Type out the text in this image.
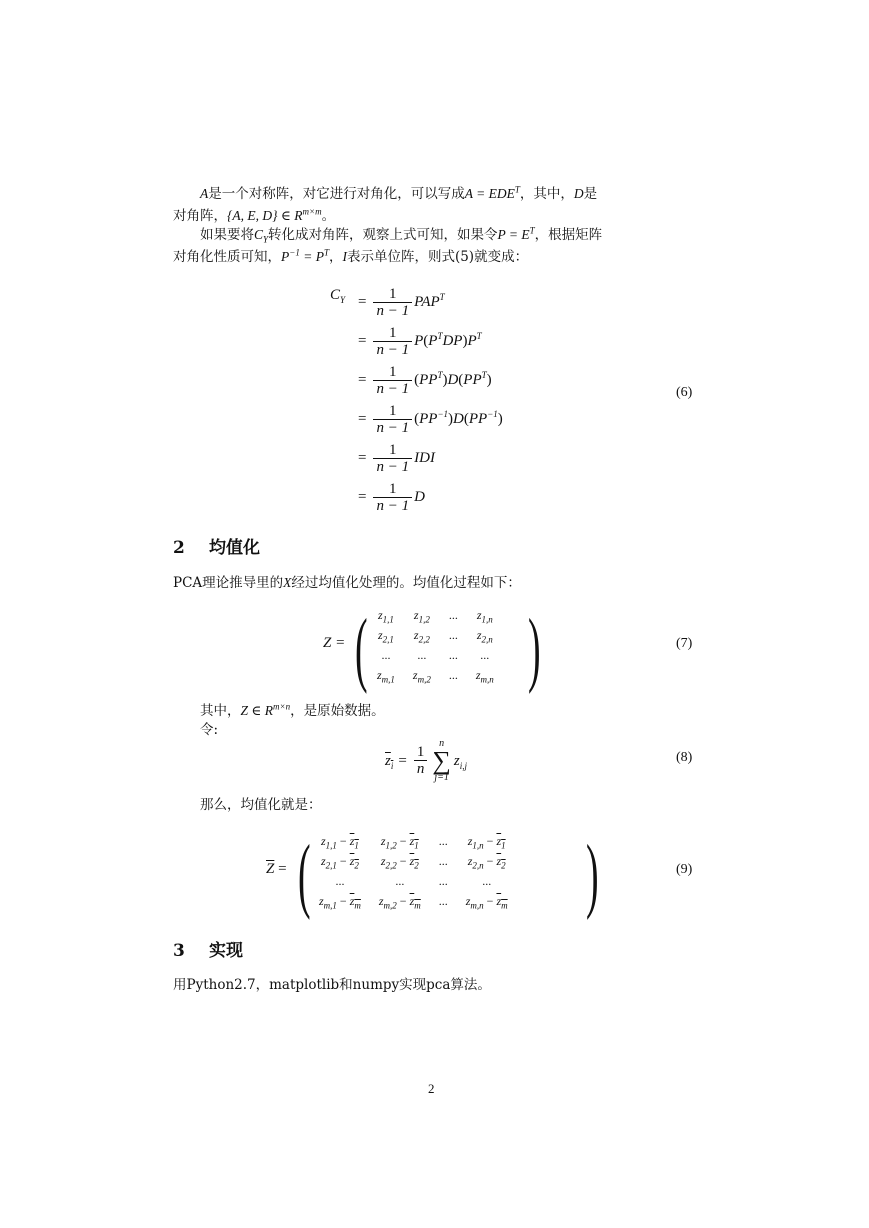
A是一个对称阵，对它进行对角化，可以写成$A = EDE^T$，其中，D是
对角阵，{A, E, D} ∈ $R^{m\times m}$。
如果要将$C_Y$转化成对角阵，观察上式可知，如果令$P = E^T$，根据矩阵
对角化性质可知，$P^{-1} = P^T$，I表示单位阵，则式(5)就变成：
$C_Y = \frac{1}{n - 1} PAP^T$
= $\frac{1}{n - 1} P(P^TDP)P^T$
= $\frac{1}{n - 1} (PP^T)D(PP^T)$
= $\frac{1}{n - 1} (PP^{-1})D(PP^{-1})$
= $\frac{1}{n - 1}$ IDI
= $\frac{1}{n - 1}$ D
(6)
2 均值化
PCA理论推导里的X经过均值化处理的。均值化过程如下：
Z = ( $z_{1,1}$	$z_{1,2}$	...	$z_{1,n}$
$z_{2,1}$	$z_{2,2}$	...	$z_{2,n}$
...	...	...	...
$z_{m,1}$	$z_{m,2}$	...	$z_{m,n}$ )	(7)
其中，Z ∈ $R^{m\times n}$，是原始数据。
令:
$z_i = \frac{1}{n}$
n
∑
j=1
$z_{i,j}$
(8)
那么，均值化就是：
$\overline{Z}$ = ( $z_{1,1} - z_1$	$z_{1,2} - z_1$	...	$z_{1,n} - z_1$
$z_{2,1} - z_2$	$z_{2,2} - z_2$	...	$z_{2,n} - z_2$
...	...	...	...
$z_{m,1} - z_m$	$z_{m,2} - z_m$	...	$z_{m,n} - z_m$ )	(9)
3 实现
用Python2.7，matplotlib和numpy实现pca算法。
2
